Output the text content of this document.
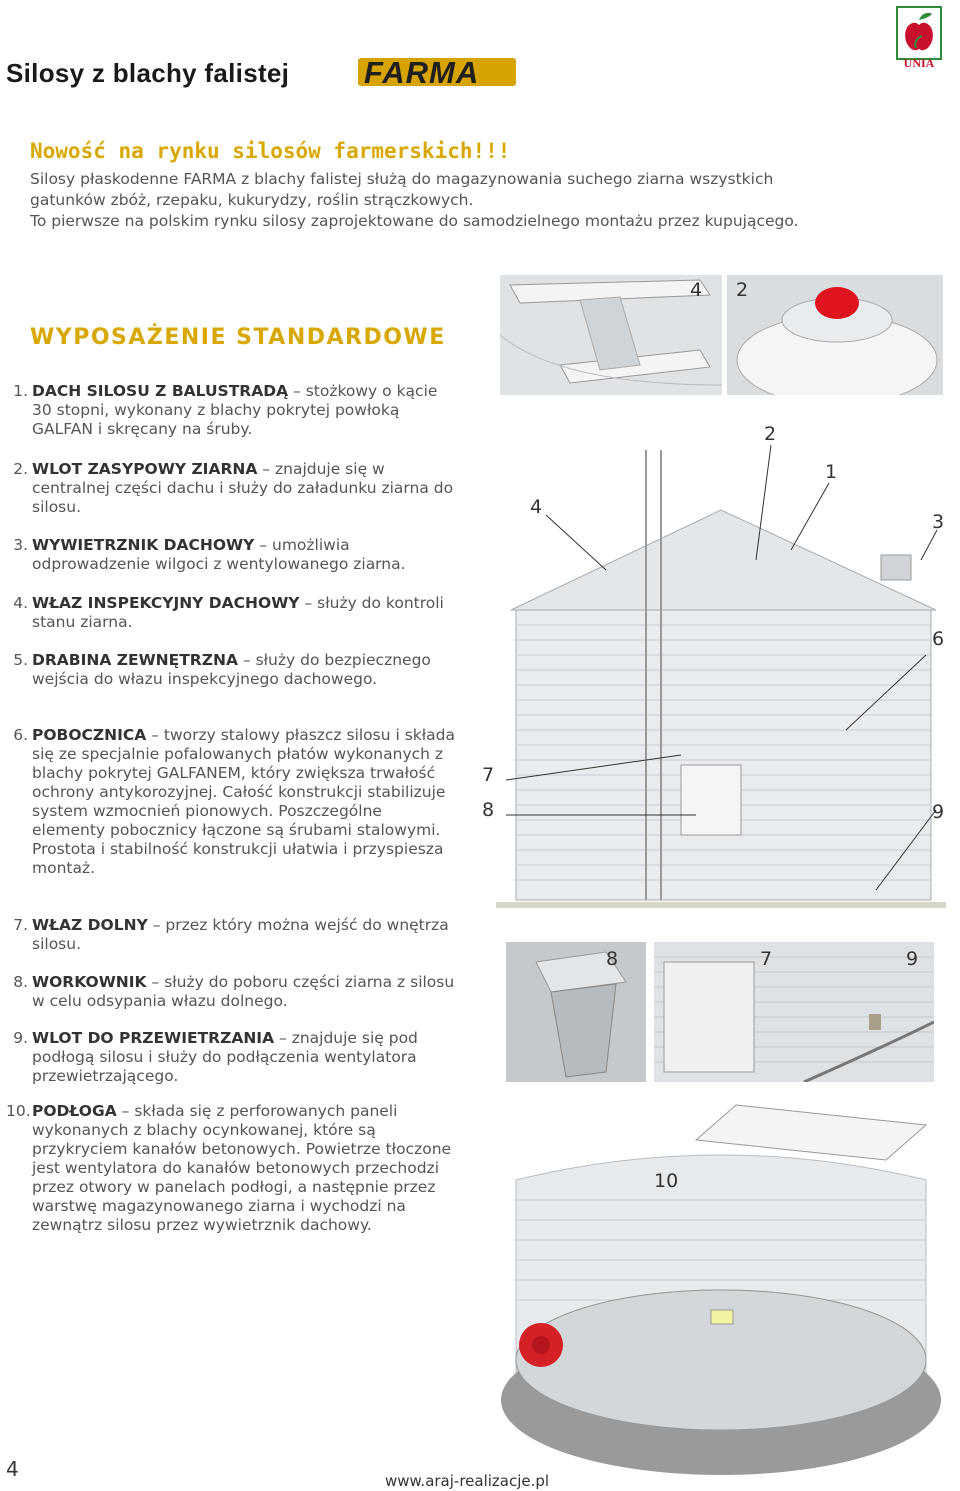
Silosy z blachy falistej FARMA	UNIA
Nowość na rynku silosów farmerskich!!!

Silosy płaskodenne FARMA z blachy falistej służą do magazynowania suchego ziarna wszystkich

gatunków zbóż, rzepaku, kukurydzy, roślin strączkowych.

To pierwsze na polskim rynku silosy zaprojektowane do samodzielnego montażu przez kupującego.

WYPOSAŻENIE STANDARDOWE
1. DACH SILOSU Z BALUSTRADĄ – stożkowy o kącie 30 stopni, wykonany z blachy pokrytej powłoką GALFAN i skręcany na śruby.
2. WLOT ZASYPOWY ZIARNA – znajduje się w centralnej części dachu i służy do załadunku ziarna do silosu.
3. WYWIETRZNIK DACHOWY – umożliwia odprowadzenie wilgoci z wentylowanego ziarna.
4. WŁAZ INSPEKCYJNY DACHOWY – służy do kontroli stanu ziarna.
5. DRABINA ZEWNĘTRZNA – służy do bezpiecznego wejścia do włazu inspekcyjnego dachowego.
6. POBOCZNICA – tworzy stalowy płaszcz silosu i składa się ze specjalnie pofalowanych płatów wykonanych z blachy pokrytej GALFANEM, który zwiększa trwałość ochrony antykorozyjnej. Całość konstrukcji stabilizuje system wzmocnień pionowych. Poszczególne elementy pobocznicy łączone są śrubami stalowymi. Prostota i stabilność konstrukcji ułatwia i przyspiesza montaż.
7. WŁAZ DOLNY – przez który można wejść do wnętrza silosu.
8. WORKOWNIK – służy do poboru części ziarna z silosu w celu odsypania włazu dolnego.
9. WLOT DO PRZEWIETRZANIA – znajduje się pod podłogą silosu i służy do podłączenia wentylatora przewietrzającego.
10. PODŁOGA – składa się z perforowanych paneli wykonanych z blachy ocynkowanej, które są przykryciem kanałów betonowych. Powietrze tłoczone jest wentylatora do kanałów betonowych przechodzi przez otwory w panelach podłogi, a następnie przez warstwę magazynowanego ziarna i wychodzi na zewnątrz silosu przez wywietrznik dachowy.
4 2
2
1
4
3
6
7
8	9
8	7	9
10
4	www.araj-realizacje.pl
